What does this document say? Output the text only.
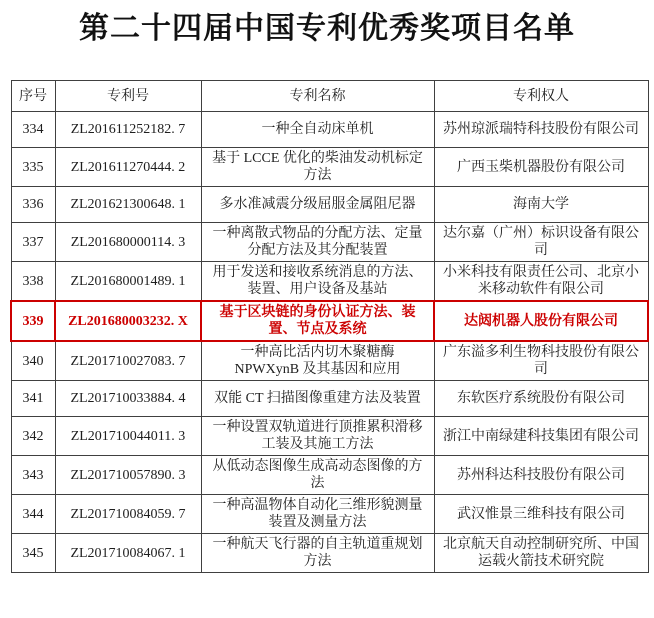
第二十四届中国专利优秀奖项目名单
序号	专利号	专利名称	专利权人
334	ZL201611252182. 7	一种全自动床单机	苏州琼派瑞特科技股份有限公司
335	ZL201611270444. 2	基于 LCCE 优化的柴油发动机标定方法	广西玉柴机器股份有限公司
336	ZL201621300648. 1	多水准减震分级屈服金属阻尼器	海南大学
337	ZL201680000114. 3	一种离散式物品的分配方法、定量分配方法及其分配装置	达尔嘉（广州）标识设备有限公司
338	ZL201680001489. 1	用于发送和接收系统消息的方法、装置、用户设备及基站	小米科技有限责任公司、北京小米移动软件有限公司
339	ZL201680003232. X	基于区块链的身份认证方法、装置、节点及系统	达闼机器人股份有限公司
340	ZL201710027083. 7	一种高比活内切木聚糖酶 NPWXynB 及其基因和应用	广东溢多利生物科技股份有限公司
341	ZL201710033884. 4	双能 CT 扫描图像重建方法及装置	东软医疗系统股份有限公司
342	ZL201710044011. 3	一种设置双轨道进行顶推累积滑移工装及其施工方法	浙江中南绿建科技集团有限公司
343	ZL201710057890. 3	从低动态图像生成高动态图像的方法	苏州科达科技股份有限公司
344	ZL201710084059. 7	一种高温物体自动化三维形貌测量装置及测量方法	武汉惟景三维科技有限公司
345	ZL201710084067. 1	一种航天飞行器的自主轨道重规划方法	北京航天自动控制研究所、中国运载火箭技术研究院
